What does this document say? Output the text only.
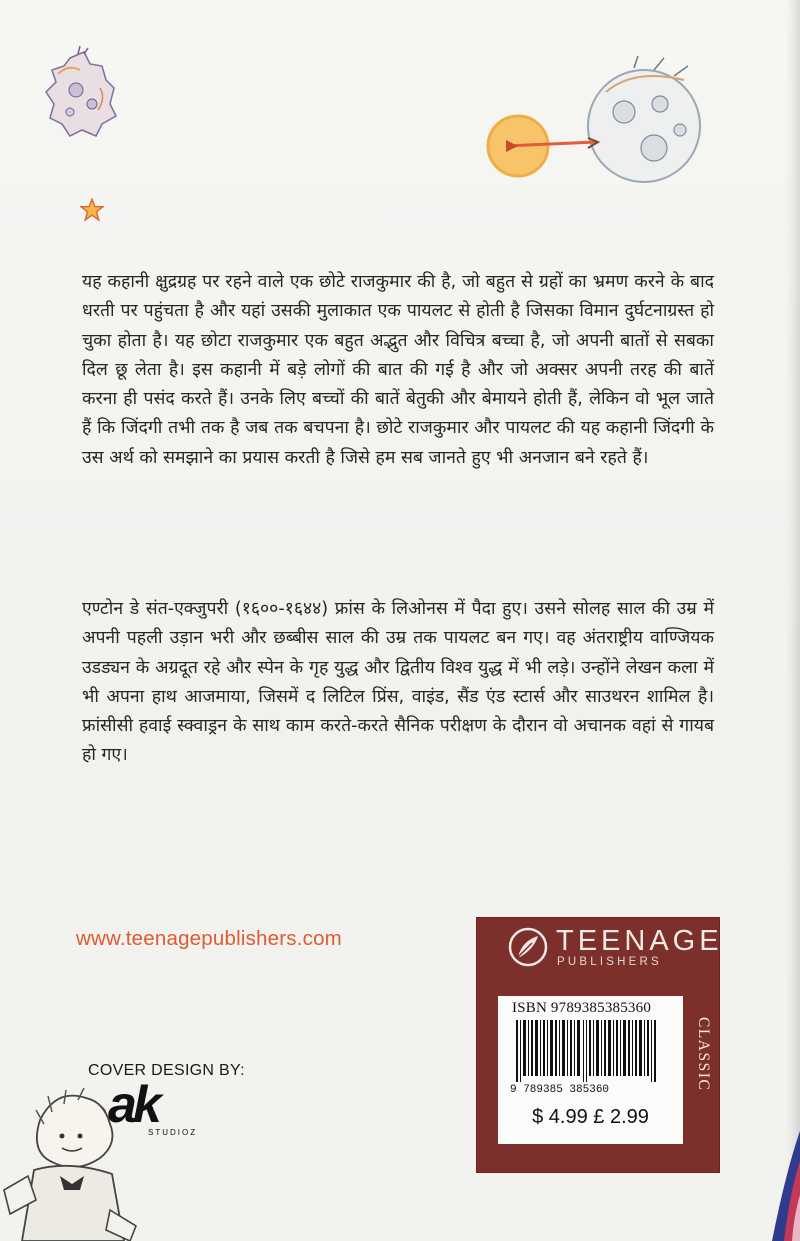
यह कहानी क्षुद्रग्रह पर रहने वाले एक छोटे राजकुमार की है, जो बहुत से ग्रहों का भ्रमण करने के बाद धरती पर पहुंचता है और यहां उसकी मुलाकात एक पायलट से होती है जिसका विमान दुर्घटनाग्रस्त हो चुका होता है। यह छोटा राजकुमार एक बहुत अद्भुत और विचित्र बच्चा है, जो अपनी बातों से सबका दिल छू लेता है। इस कहानी में बड़े लोगों की बात की गई है और जो अक्सर अपनी तरह की बातें करना ही पसंद करते हैं। उनके लिए बच्चों की बातें बेतुकी और बेमायने होती हैं, लेकिन वो भूल जाते हैं कि जिंदगी तभी तक है जब तक बचपना है। छोटे राजकुमार और पायलट की यह कहानी जिंदगी के उस अर्थ को समझाने का प्रयास करती है जिसे हम सब जानते हुए भी अनजान बने रहते हैं।

एण्टोन डे संत-एक्जुपरी (१६००-१६४४) फ्रांस के लिओनस में पैदा हुए। उसने सोलह साल की उम्र में अपनी पहली उड़ान भरी और छब्बीस साल की उम्र तक पायलट बन गए। वह अंतराष्ट्रीय वाण्जियक उडड्यन के अग्रदूत रहे और स्पेन के गृह युद्ध और द्वितीय विश्व युद्ध में भी लड़े। उन्होंने लेखन कला में भी अपना हाथ आजमाया, जिसमें द लिटिल प्रिंस, वाइंड, सैंड एंड स्टार्स और साउथरन शामिल है। फ्रांसीसी हवाई स्क्वाड्रन के साथ काम करते-करते सैनिक परीक्षण के दौरान वो अचानक वहां से गायब हो गए।

www.teenagepublishers.com	TEENAGE
PUBLISHERS
ISBN 9789385385360
9 789385 385360
$ 4.99 £ 2.99
CLASSIC
COVER DESIGN BY:
ak
STUDIOZ
